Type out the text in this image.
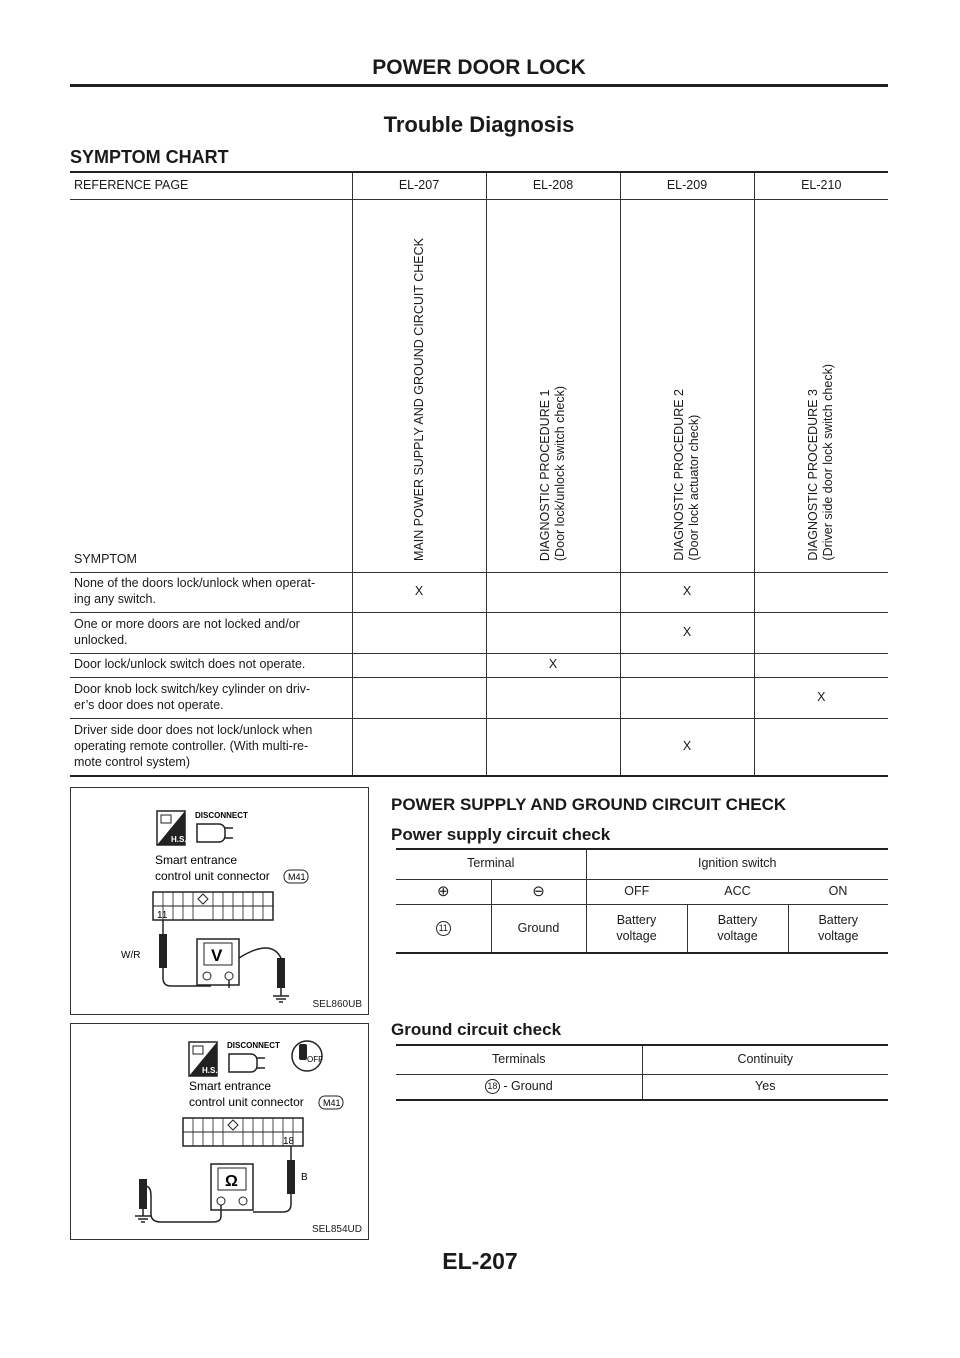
POWER DOOR LOCK
Trouble Diagnosis
SYMPTOM CHART
REFERENCE PAGE	EL-207	EL-208	EL-209	EL-210
SYMPTOM	MAIN POWER SUPPLY AND GROUND CIRCUIT CHECK	DIAGNOSTIC PROCEDURE 1
(Door lock/unlock switch check)	DIAGNOSTIC PROCEDURE 2
(Door lock actuator check)	DIAGNOSTIC PROCEDURE 3
(Driver side door lock switch check)
None of the doors lock/unlock when operat-
ing any switch.	X		X	
One or more doors are not locked and/or
unlocked.			X	
Door lock/unlock switch does not operate.		X		
Door knob lock switch/key cylinder on driv-
er’s door does not operate.				X
Driver side door does not lock/unlock when
operating remote controller. (With multi-re-
mote control system)			X	

H.S.
DISCONNECT
Smart entrance
control unit connector M41
11
W/R	V
SEL860UB
H.S.
DISCONNECT
OFF
Smart entrance
control unit connector M41
18
B
Ω
SEL854UD
POWER SUPPLY AND GROUND CIRCUIT CHECK
Power supply circuit check
Terminal		Ignition switch		
⊕	⊖	OFF	ACC	ON
11	Ground	Battery
voltage	Battery
voltage	Battery
voltage

Ground circuit check
Terminals	Continuity
18 - Ground	Yes

EL-207
